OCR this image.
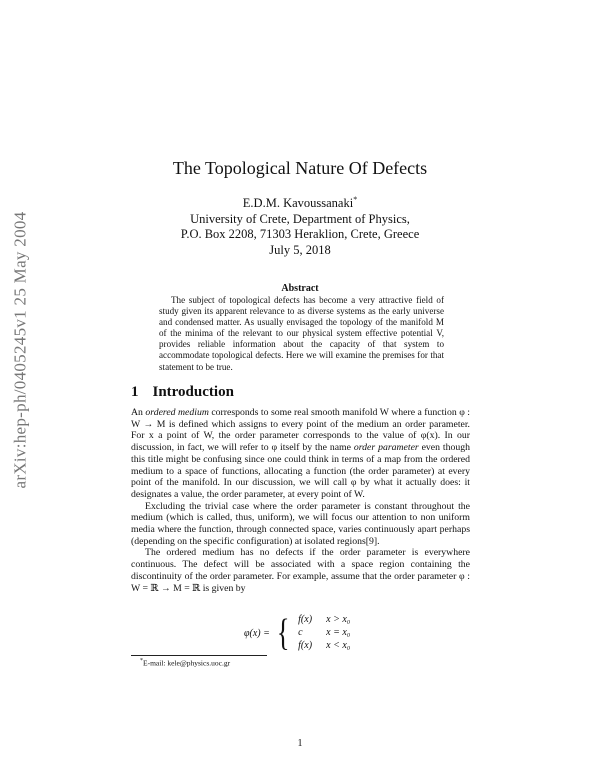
arXiv:hep-ph/0405245v1 25 May 2004
The Topological Nature Of Defects
E.D.M. Kavoussanaki*
University of Crete, Department of Physics,
P.O. Box 2208, 71303 Heraklion, Crete, Greece
July 5, 2018
Abstract
The subject of topological defects has become a very attractive field of study given its apparent relevance to as diverse systems as the early universe and condensed matter. As usually envisaged the topology of the manifold M of the minima of the relevant to our physical system effective potential V, provides reliable information about the capacity of that system to accommodate topological defects. Here we will examine the premises for that statement to be true.
1 Introduction

An ordered medium corresponds to some real smooth manifold W where a function φ : W → M is defined which assigns to every point of the medium an order parameter. For x a point of W, the order parameter corresponds to the value of φ(x). In our discussion, in fact, we will refer to φ itself by the name order parameter even though this title might be confusing since one could think in terms of a map from the ordered medium to a space of functions, allocating a function (the order parameter) at every point of the manifold. In our discussion, we will call φ by what it actually does: it designates a value, the order parameter, at every point of W.

Excluding the trivial case where the order parameter is constant throughout the medium (which is called, thus, uniform), we will focus our attention to non uniform media where the function, through connected space, varies continuously apart perhaps (depending on the specific configuration) at isolated regions[9].

The ordered medium has no defects if the order parameter is everywhere continuous. The defect will be associated with a space region containing the discontinuity of the order parameter. For example, assume that the order parameter φ : W = ℝ → M = ℝ is given by

φ(x) = { f(x)	x > x₀
c	x = x₀
f(x)	x < x₀
*E-mail: kele@physics.uoc.gr
1
